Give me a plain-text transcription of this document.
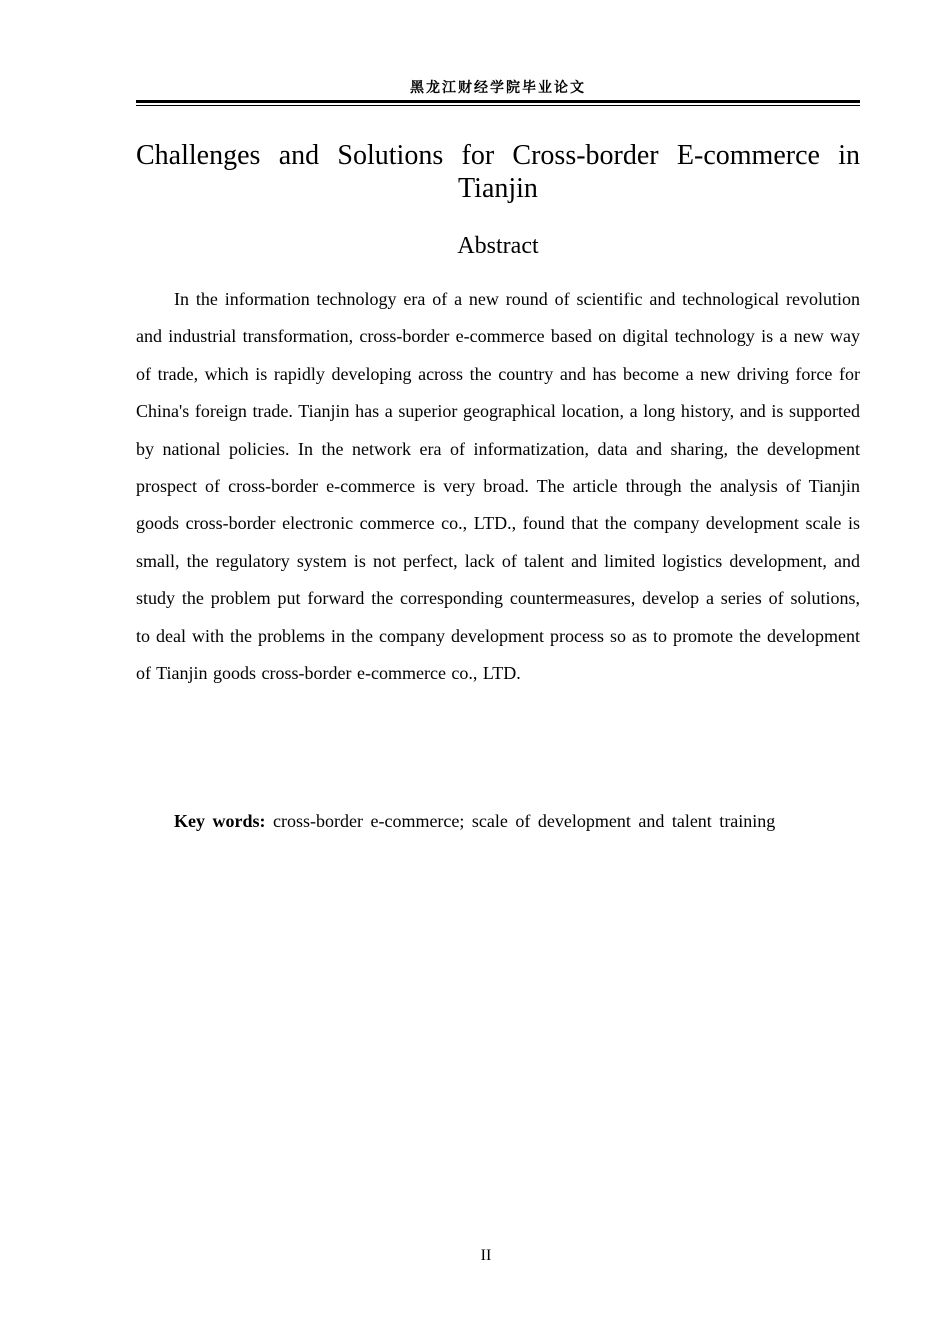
黑龙江财经学院毕业论文
Challenges and Solutions for Cross-border E-commerce in Tianjin
Abstract

In the information technology era of a new round of scientific and technological revolution and industrial transformation, cross-border e-commerce based on digital technology is a new way of trade, which is rapidly developing across the country and has become a new driving force for China's foreign trade. Tianjin has a superior geographical location, a long history, and is supported by national policies. In the network era of informatization, data and sharing, the development prospect of cross-border e-commerce is very broad. The article through the analysis of Tianjin goods cross-border electronic commerce co., LTD., found that the company development scale is small, the regulatory system is not perfect, lack of talent and limited logistics development, and study the problem put forward the corresponding countermeasures, develop a series of solutions, to deal with the problems in the company development process so as to promote the development of Tianjin goods cross-border e-commerce co., LTD.

Key words: cross-border e-commerce; scale of development and talent training

II
